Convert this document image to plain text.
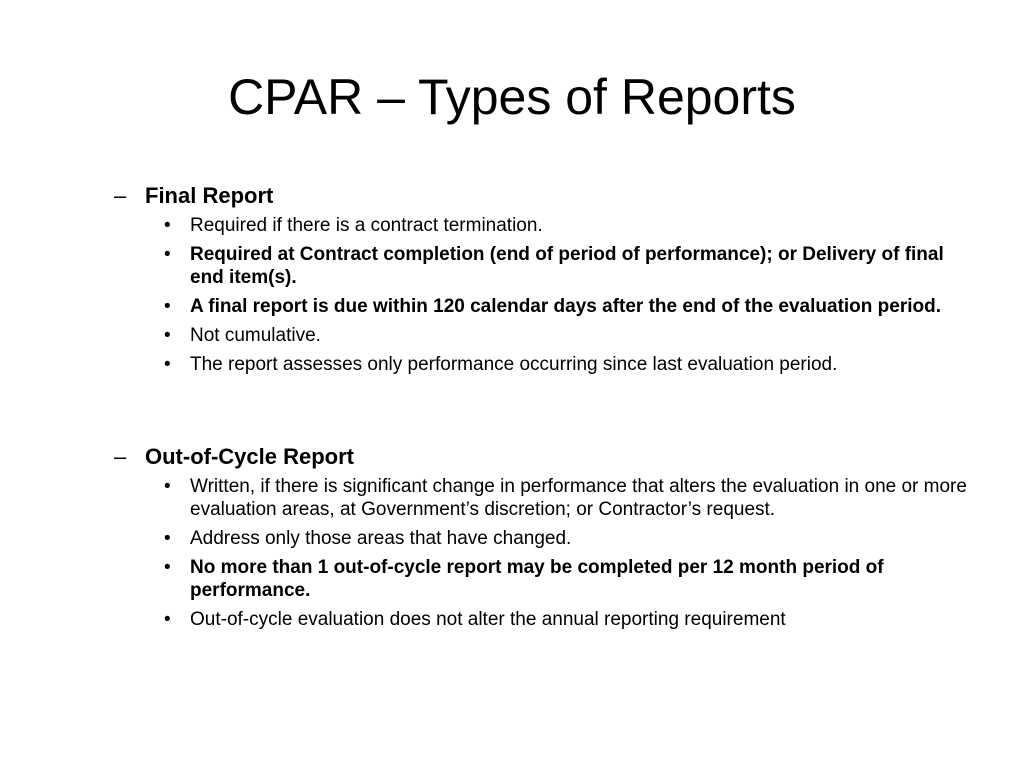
CPAR – Types of Reports
– Final Report
•	Required if there is a contract termination.
•	Required at Contract completion (end of period of performance); or Delivery of final end item(s).
•	A final report is due within 120 calendar days after the end of the evaluation period.
•	Not cumulative.
•	The report assesses only performance occurring since last evaluation period.
– Out-of-Cycle Report
•	Written, if there is significant change in performance that alters the evaluation in one or more evaluation areas, at Government’s discretion; or Contractor’s request.
•	Address only those areas that have changed.
•	No more than 1 out-of-cycle report may be completed per 12 month period of performance.
•	Out-of-cycle evaluation does not alter the annual reporting requirement
